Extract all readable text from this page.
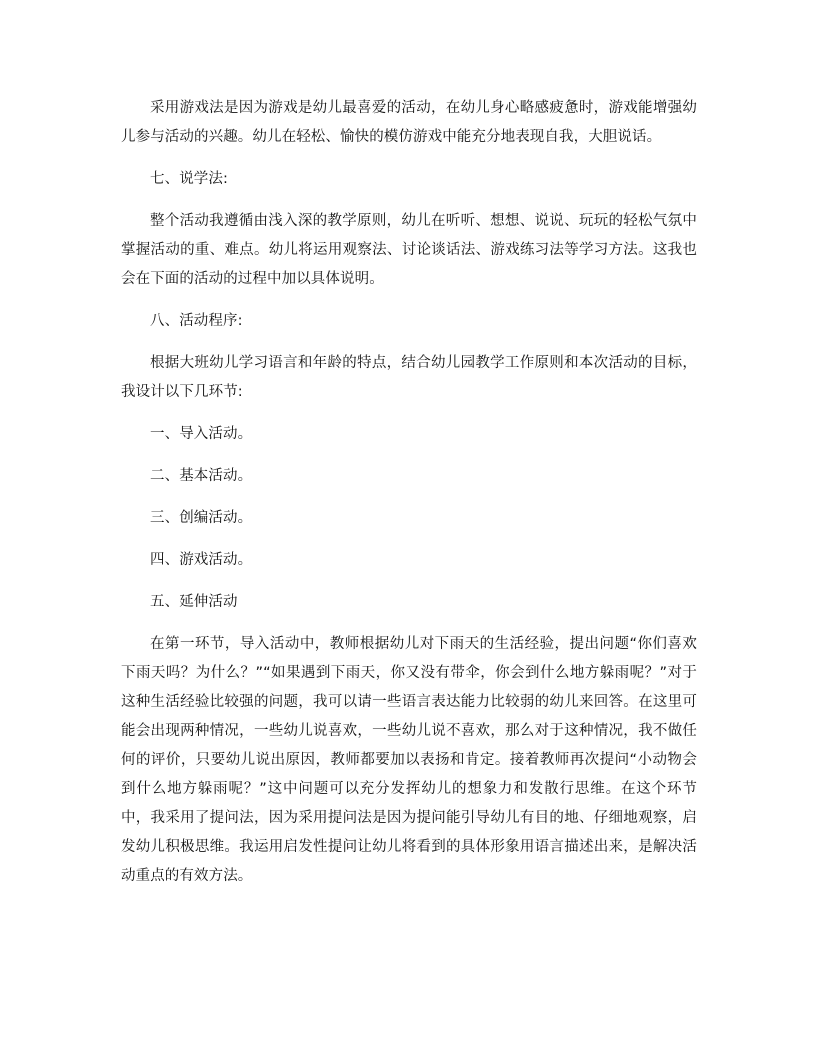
采用游戏法是因为游戏是幼儿最喜爱的活动，在幼儿身心略感疲惫时，游戏能增强幼儿参与活动的兴趣。幼儿在轻松、愉快的模仿游戏中能充分地表现自我，大胆说话。

七、说学法:

整个活动我遵循由浅入深的教学原则，幼儿在听听、想想、说说、玩玩的轻松气氛中掌握活动的重、难点。幼儿将运用观察法、讨论谈话法、游戏练习法等学习方法。这我也会在下面的活动的过程中加以具体说明。

八、活动程序:

根据大班幼儿学习语言和年龄的特点，结合幼儿园教学工作原则和本次活动的目标，我设计以下几环节:

一、导入活动。

二、基本活动。

三、创编活动。

四、游戏活动。

五、延伸活动

在第一环节，导入活动中，教师根据幼儿对下雨天的生活经验，提出问题“你们喜欢下雨天吗？为什么？”“如果遇到下雨天，你又没有带伞，你会到什么地方躲雨呢？”对于这种生活经验比较强的问题，我可以请一些语言表达能力比较弱的幼儿来回答。在这里可能会出现两种情况，一些幼儿说喜欢，一些幼儿说不喜欢，那么对于这种情况，我不做任何的评价，只要幼儿说出原因，教师都要加以表扬和肯定。接着教师再次提问“小动物会到什么地方躲雨呢？”这中问题可以充分发挥幼儿的想象力和发散行思维。在这个环节中，我采用了提问法，因为采用提问法是因为提问能引导幼儿有目的地、仔细地观察，启发幼儿积极思维。我运用启发性提问让幼儿将看到的具体形象用语言描述出来，是解决活动重点的有效方法。
